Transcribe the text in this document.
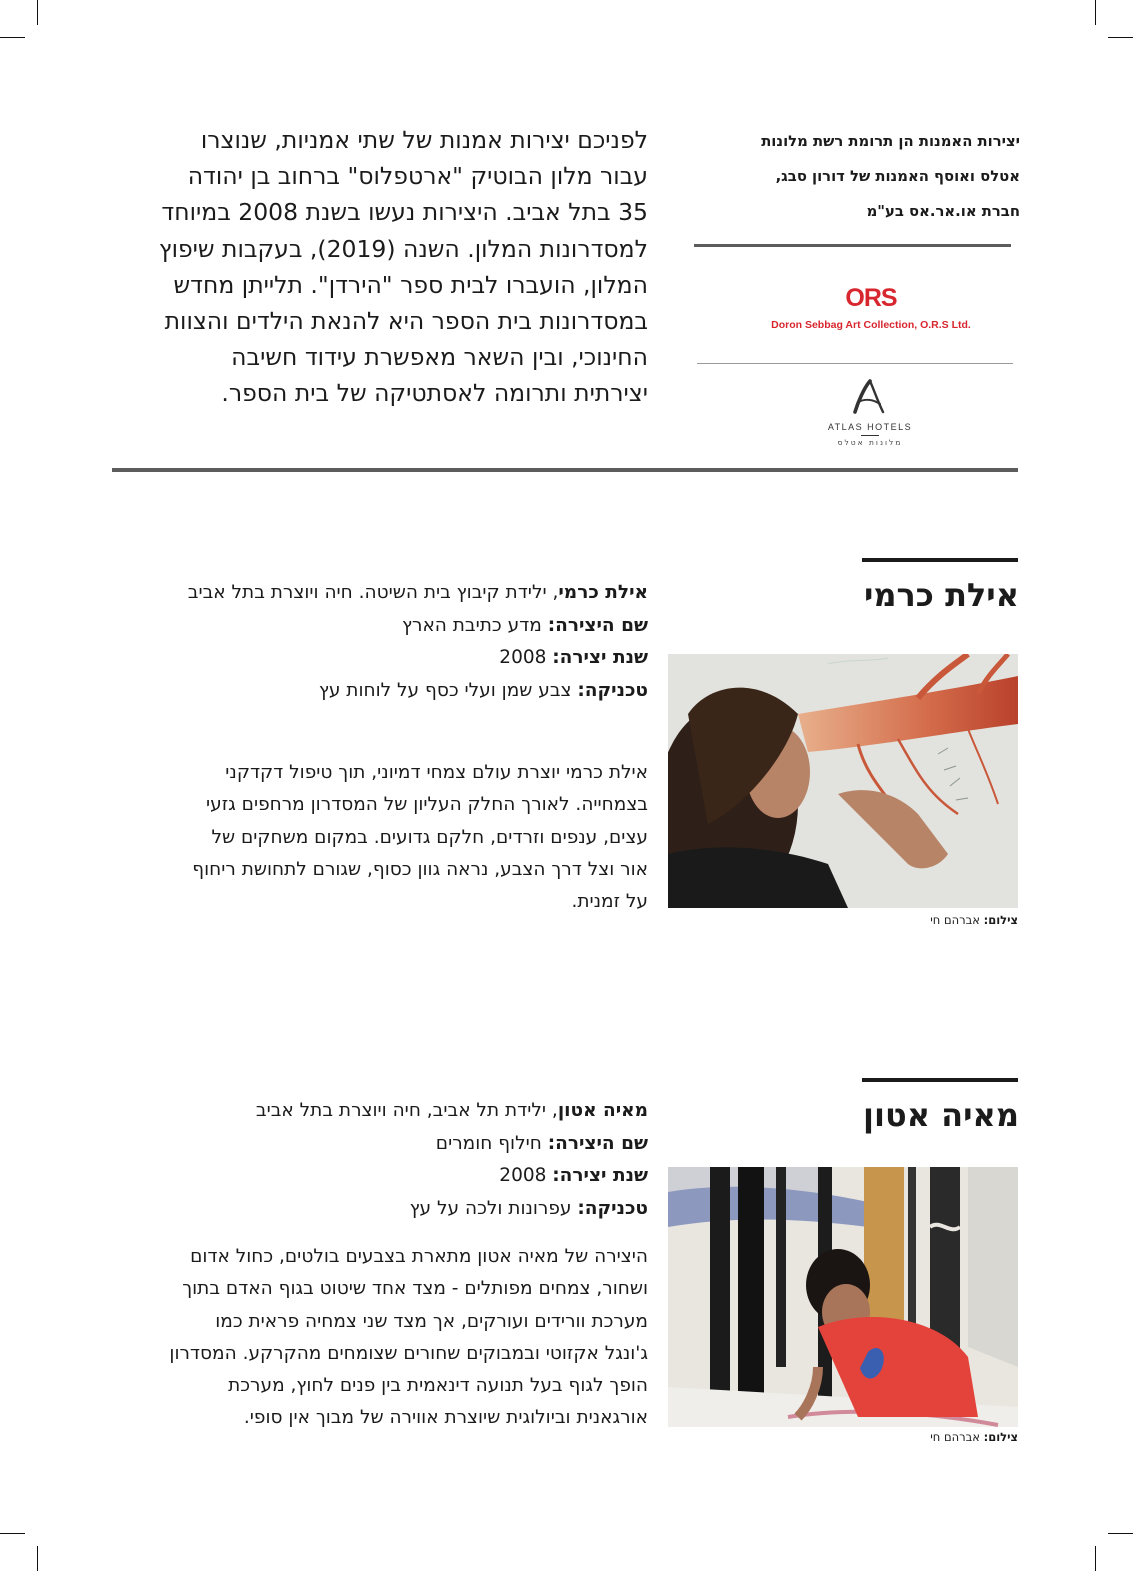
לפניכם יצירות אמנות של שתי אמניות, שנוצרו
עבור מלון הבוטיק "ארטפלוס" ברחוב בן יהודה
35 בתל אביב. היצירות נעשו בשנת 2008 במיוחד
למסדרונות המלון. השנה (2019), בעקבות שיפוץ
המלון, הועברו לבית ספר "הירדן". תלייתן מחדש
במסדרונות בית הספר היא להנאת הילדים והצוות
החינוכי, ובין השאר מאפשרת עידוד חשיבה
יצירתית ותרומה לאסתטיקה של בית הספר.
יצירות האמנות הן תרומת רשת מלונות
אטלס ואוסף האמנות של דורון סבג,
חברת או.אר.אס בע"מ
ORS
Doron Sebbag Art Collection, O.R.S Ltd.
ATLAS HOTELS
מלונות אטלס
אילת כרמי
אילת כרמי, ילידת קיבוץ בית השיטה. חיה ויוצרת בתל אביב
שם היצירה: מדע כתיבת הארץ
שנת יצירה: 2008
טכניקה: צבע שמן ועלי כסף על לוחות עץ
אילת כרמי יוצרת עולם צמחי דמיוני, תוך טיפול דקדקני
בצמחייה. לאורך החלק העליון של המסדרון מרחפים גזעי
עצים, ענפים וזרדים, חלקם גדועים. במקום משחקים של
אור וצל דרך הצבע, נראה גוון כסוף, שגורם לתחושת ריחוף
על זמנית.
צילום: אברהם חי
מאיה אטון
מאיה אטון, ילידת תל אביב, חיה ויוצרת בתל אביב
שם היצירה: חילוף חומרים
שנת יצירה: 2008
טכניקה: עפרונות ולכה על עץ
היצירה של מאיה אטון מתארת בצבעים בולטים, כחול אדום
ושחור, צמחים מפותלים - מצד אחד שיטוט בגוף האדם בתוך
מערכת וורידים ועורקים, אך מצד שני צמחיה פראית כמו
ג'ונגל אקזוטי ובמבוקים שחורים שצומחים מהקרקע. המסדרון
הופך לגוף בעל תנועה דינאמית בין פנים לחוץ, מערכת
אורגאנית וביולוגית שיוצרת אווירה של מבוך אין סופי.
צילום: אברהם חי
